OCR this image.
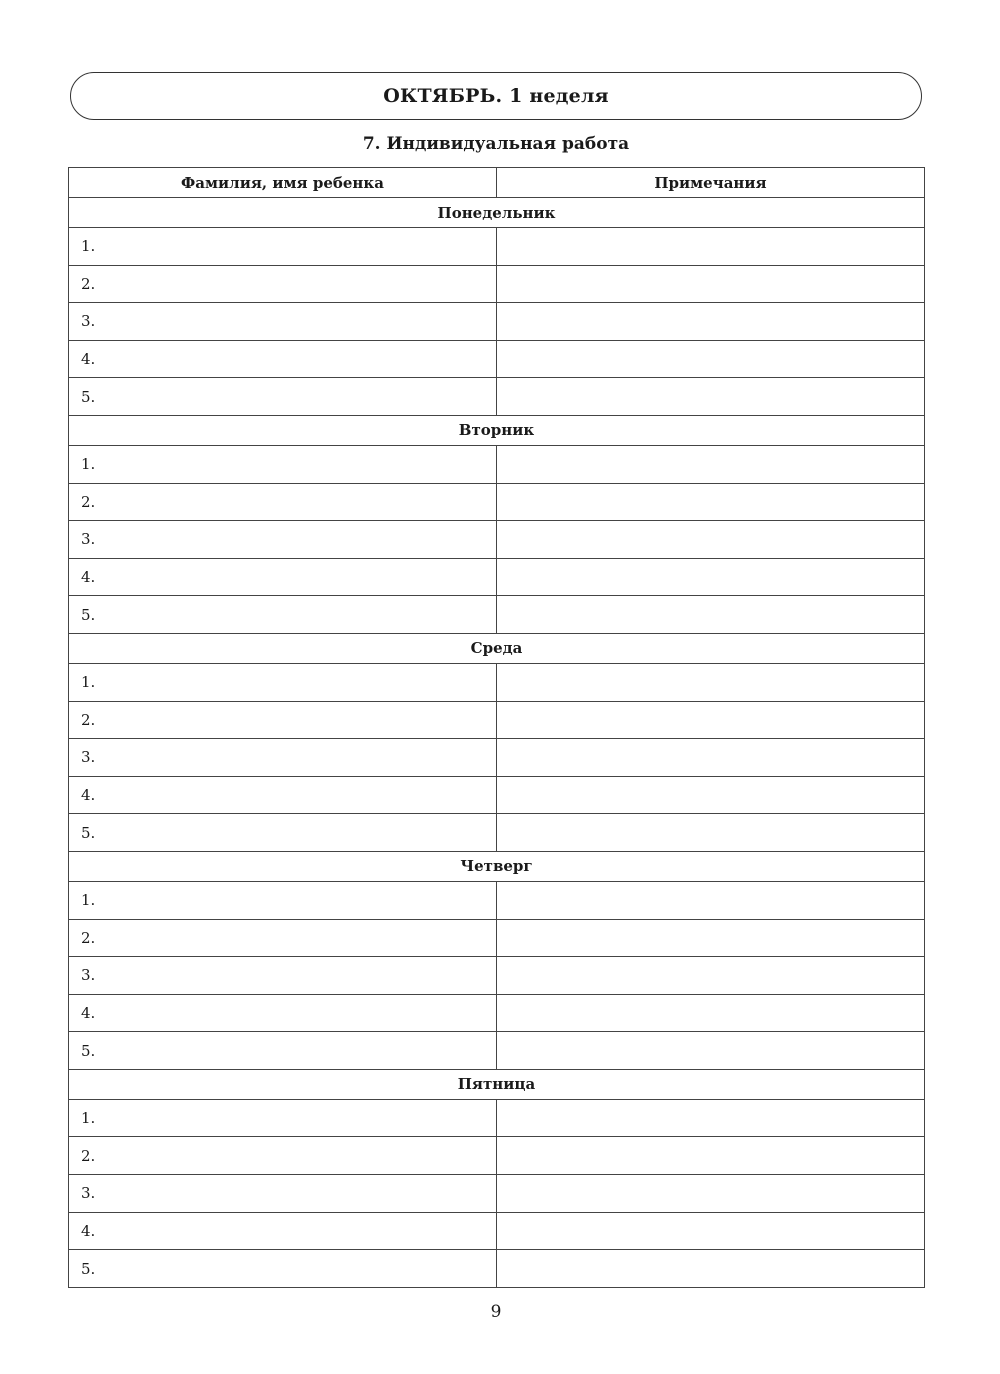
ОКТЯБРЬ. 1 неделя
7. Индивидуальная работа
Фамилия, имя ребенка	Примечания
Понедельник	
1.	
2.	
3.	
4.	
5.	
Вторник	
1.	
2.	
3.	
4.	
5.	
Среда	
1.	
2.	
3.	
4.	
5.	
Четверг	
1.	
2.	
3.	
4.	
5.	
Пятница	
1.	
2.	
3.	
4.	
5.	
9
